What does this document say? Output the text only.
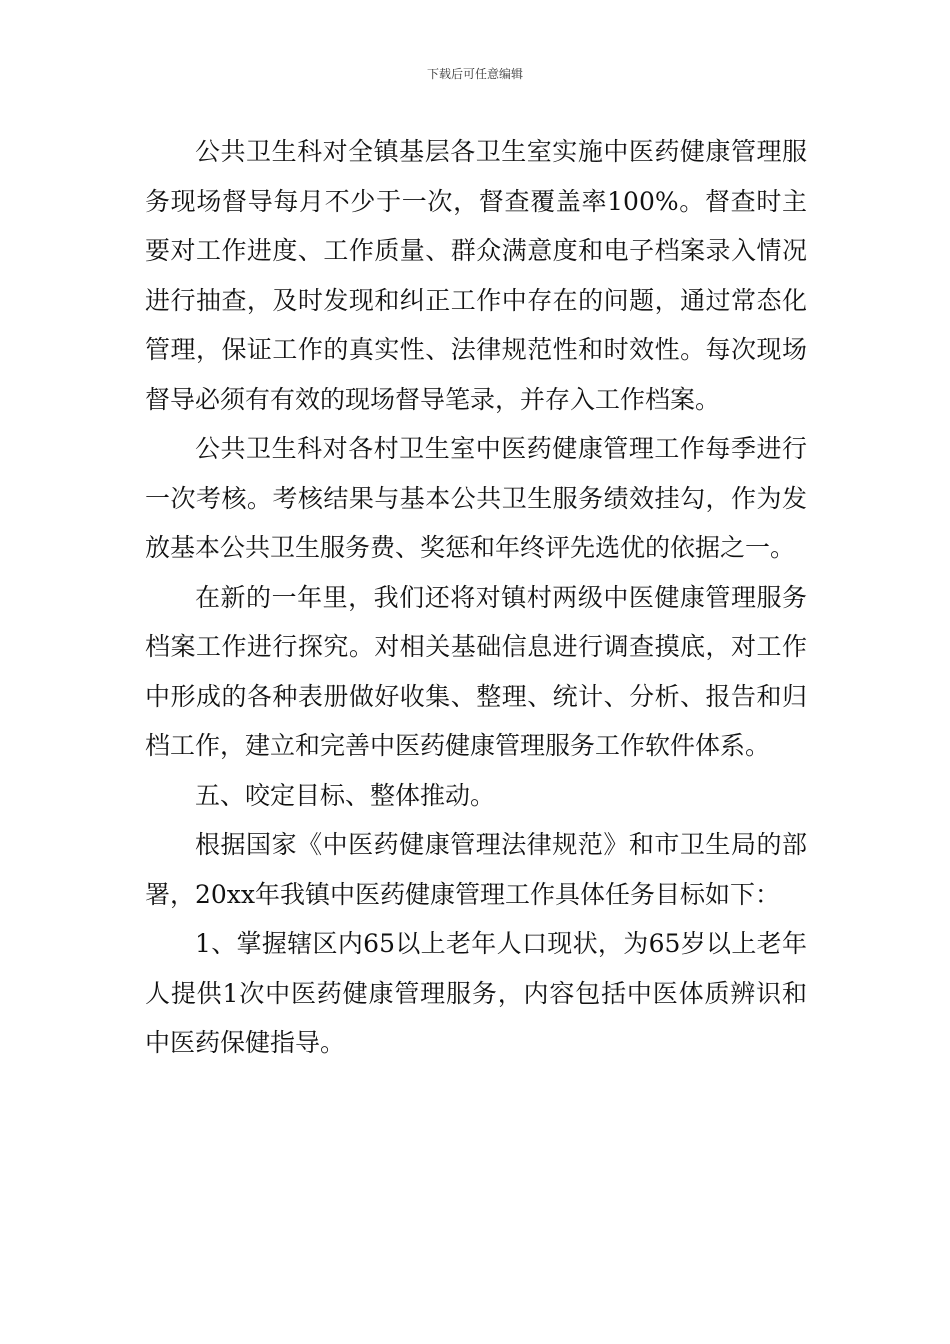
下载后可任意编辑

公共卫生科对全镇基层各卫生室实施中医药健康管理服务现场督导每月不少于一次，督查覆盖率100%。督查时主要对工作进度、工作质量、群众满意度和电子档案录入情况进行抽查，及时发现和纠正工作中存在的问题，通过常态化管理，保证工作的真实性、法律规范性和时效性。每次现场督导必须有有效的现场督导笔录，并存入工作档案。

公共卫生科对各村卫生室中医药健康管理工作每季进行一次考核。考核结果与基本公共卫生服务绩效挂勾，作为发放基本公共卫生服务费、奖惩和年终评先选优的依据之一。

在新的一年里，我们还将对镇村两级中医健康管理服务档案工作进行探究。对相关基础信息进行调查摸底，对工作中形成的各种表册做好收集、整理、统计、分析、报告和归档工作，建立和完善中医药健康管理服务工作软件体系。

五、咬定目标、整体推动。

根据国家《中医药健康管理法律规范》和市卫生局的部署，20xx年我镇中医药健康管理工作具体任务目标如下：

1、掌握辖区内65以上老年人口现状，为65岁以上老年人提供1次中医药健康管理服务，内容包括中医体质辨识和中医药保健指导。
